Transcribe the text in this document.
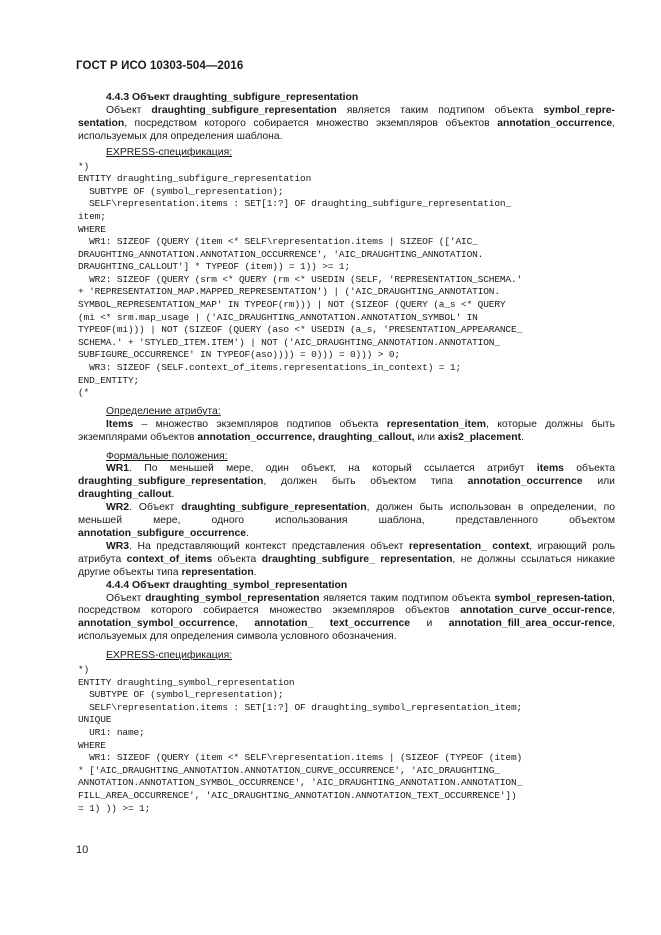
ГОСТ Р ИСО 10303-504—2016

4.4.3 Объект draughting_subfigure_representation

Объект draughting_subfigure_representation является таким подтипом объекта symbol_repre-sentation, посредством которого собирается множество экземпляров объектов annotation_occurrence, используемых для определения шаблона.

EXPRESS-спецификация:

*)
ENTITY draughting_subfigure_representation
SUBTYPE OF (symbol_representation);
SELF\representation.items : SET[1:?] OF draughting_subfigure_representation_
item;
WHERE
WR1: SIZEOF (QUERY (item <* SELF\representation.items | SIZEOF (['AIC_
DRAUGHTING_ANNOTATION.ANNOTATION_OCCURRENCE', 'AIC_DRAUGHTING_ANNOTATION.
DRAUGHTING_CALLOUT'] * TYPEOF (item)) = 1)) >= 1;
WR2: SIZEOF (QUERY (srm <* QUERY (rm <* USEDIN (SELF, 'REPRESENTATION_SCHEMA.'
+ 'REPRESENTATION_MAP.MAPPED_REPRESENTATION') | ('AIC_DRAUGHTING_ANNOTATION.
SYMBOL_REPRESENTATION_MAP' IN TYPEOF(rm))) | NOT (SIZEOF (QUERY (a_s <* QUERY
(mi <* srm.map_usage | ('AIC_DRAUGHTING_ANNOTATION.ANNOTATION_SYMBOL' IN
TYPEOF(mi))) | NOT (SIZEOF (QUERY (aso <* USEDIN (a_s, 'PRESENTATION_APPEARANCE_
SCHEMA.' + 'STYLED_ITEM.ITEM') | NOT ('AIC_DRAUGHTING_ANNOTATION.ANNOTATION_
SUBFIGURE_OCCURRENCE' IN TYPEOF(aso)))) = 0))) = 0))) > 0;
WR3: SIZEOF (SELF.context_of_items.representations_in_context) = 1;
END_ENTITY;
(*

Определение атрибута:

Items – множество экземпляров подтипов объекта representation_item, которые должны быть экземплярами объектов annotation_occurrence, draughting_callout, или axis2_placement.

Формальные положения:

WR1. По меньшей мере, один объект, на который ссылается атрибут items объекта draughting_subfigure_representation, должен быть объектом типа annotation_occurrence или draughting_callout.

WR2. Объект draughting_subfigure_representation, должен быть использован в определении, по меньшей мере, одного использования шаблона, представленного объектом annotation_subfigure_occurrence.

WR3. На представляющий контекст представления объект representation_ context, играющий роль атрибута context_of_items объекта draughting_subfigure_ representation, не должны ссылаться никакие другие объекты типа representation.

4.4.4 Объект draughting_symbol_representation

Объект draughting_symbol_representation является таким подтипом объекта symbol_represen-tation, посредством которого собирается множество экземпляров объектов annotation_curve_occur-rence, annotation_symbol_occurrence, annotation_ text_occurrence и annotation_fill_area_occur-rence, используемых для определения символа условного обозначения.

EXPRESS-спецификация:

*)
ENTITY draughting_symbol_representation
SUBTYPE OF (symbol_representation);
SELF\representation.items : SET[1:?] OF draughting_symbol_representation_item;
UNIQUE
UR1: name;
WHERE
WR1: SIZEOF (QUERY (item <* SELF\representation.items | (SIZEOF (TYPEOF (item)
* ['AIC_DRAUGHTING_ANNOTATION.ANNOTATION_CURVE_OCCURRENCE', 'AIC_DRAUGHTING_
ANNOTATION.ANNOTATION_SYMBOL_OCCURRENCE', 'AIC_DRAUGHTING_ANNOTATION.ANNOTATION_
FILL_AREA_OCCURRENCE', 'AIC_DRAUGHTING_ANNOTATION.ANNOTATION_TEXT_OCCURRENCE'])
= 1) )) >= 1;
10
